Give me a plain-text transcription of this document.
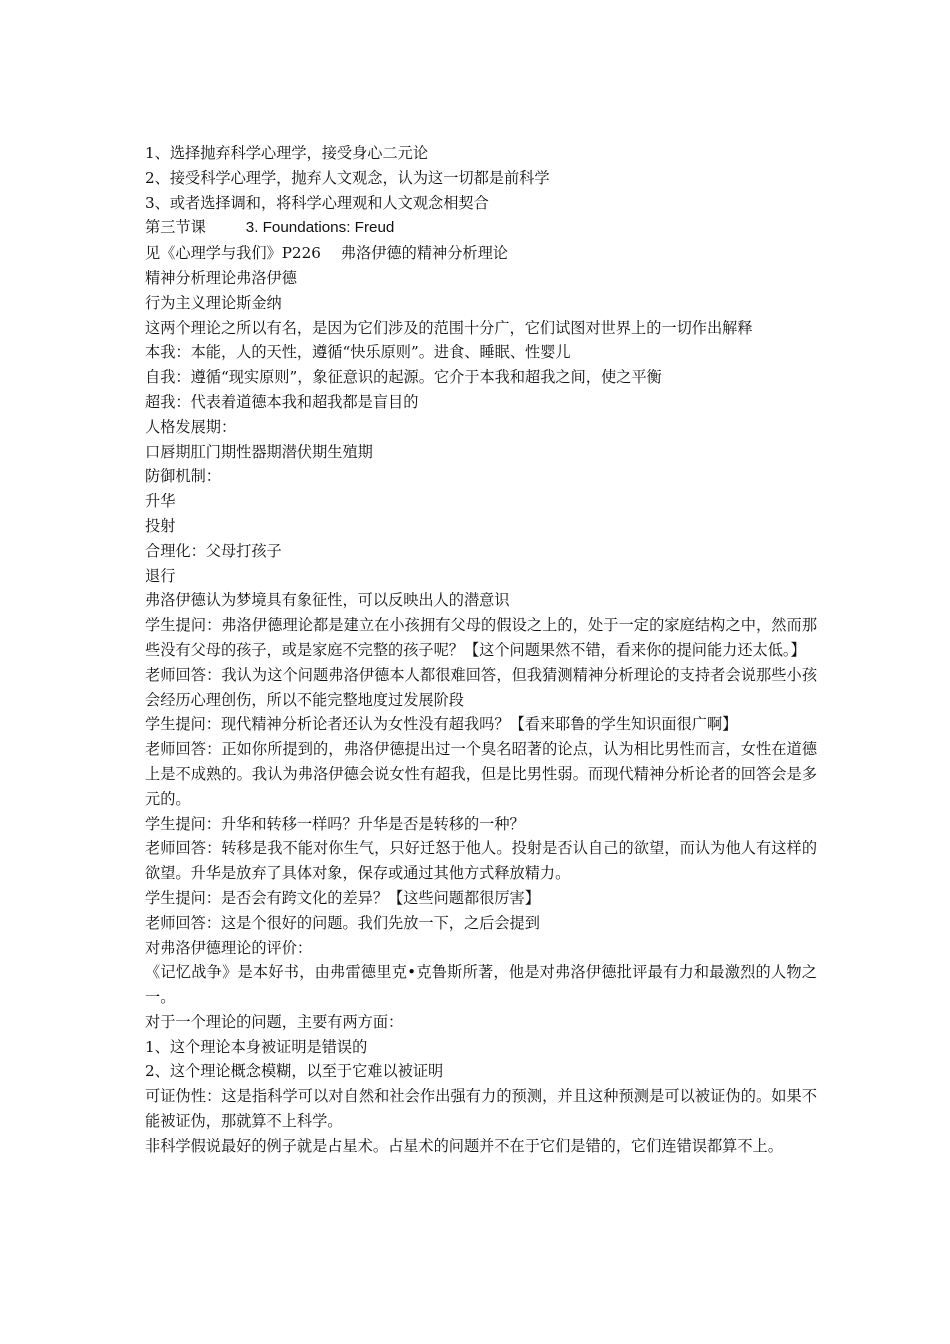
1、选择抛弃科学心理学，接受身心二元论

2、接受科学心理学，抛弃人文观念，认为这一切都是前科学

3、或者选择调和，将科学心理观和人文观念相契合

第三节课	3. Foundations: Freud

见《心理学与我们》P226 弗洛伊德的精神分析理论

精神分析理论弗洛伊德

行为主义理论斯金纳

这两个理论之所以有名，是因为它们涉及的范围十分广，它们试图对世界上的一切作出解释

本我：本能，人的天性，遵循“快乐原则”。进食、睡眠、性婴儿

自我：遵循“现实原则”，象征意识的起源。它介于本我和超我之间，使之平衡

超我：代表着道德本我和超我都是盲目的

人格发展期：

口唇期肛门期性器期潜伏期生殖期

防御机制：

升华

投射

合理化：父母打孩子

退行

弗洛伊德认为梦境具有象征性，可以反映出人的潜意识

学生提问：弗洛伊德理论都是建立在小孩拥有父母的假设之上的，处于一定的家庭结构之中，然而那些没有父母的孩子，或是家庭不完整的孩子呢？【这个问题果然不错，看来你的提问能力还太低。】

老师回答：我认为这个问题弗洛伊德本人都很难回答，但我猜测精神分析理论的支持者会说那些小孩会经历心理创伤，所以不能完整地度过发展阶段

学生提问：现代精神分析论者还认为女性没有超我吗？【看来耶鲁的学生知识面很广啊】

老师回答：正如你所提到的，弗洛伊德提出过一个臭名昭著的论点，认为相比男性而言，女性在道德上是不成熟的。我认为弗洛伊德会说女性有超我，但是比男性弱。而现代精神分析论者的回答会是多元的。

学生提问：升华和转移一样吗？升华是否是转移的一种？

老师回答：转移是我不能对你生气，只好迁怒于他人。投射是否认自己的欲望，而认为他人有这样的欲望。升华是放弃了具体对象，保存或通过其他方式释放精力。

学生提问：是否会有跨文化的差异？【这些问题都很厉害】

老师回答：这是个很好的问题。我们先放一下，之后会提到

对弗洛伊德理论的评价：

《记忆战争》是本好书，由弗雷德里克•克鲁斯所著，他是对弗洛伊德批评最有力和最激烈的人物之一。

对于一个理论的问题，主要有两方面：

1、这个理论本身被证明是错误的

2、这个理论概念模糊，以至于它难以被证明

可证伪性：这是指科学可以对自然和社会作出强有力的预测，并且这种预测是可以被证伪的。如果不能被证伪，那就算不上科学。

非科学假说最好的例子就是占星术。占星术的问题并不在于它们是错的，它们连错误都算不上。
